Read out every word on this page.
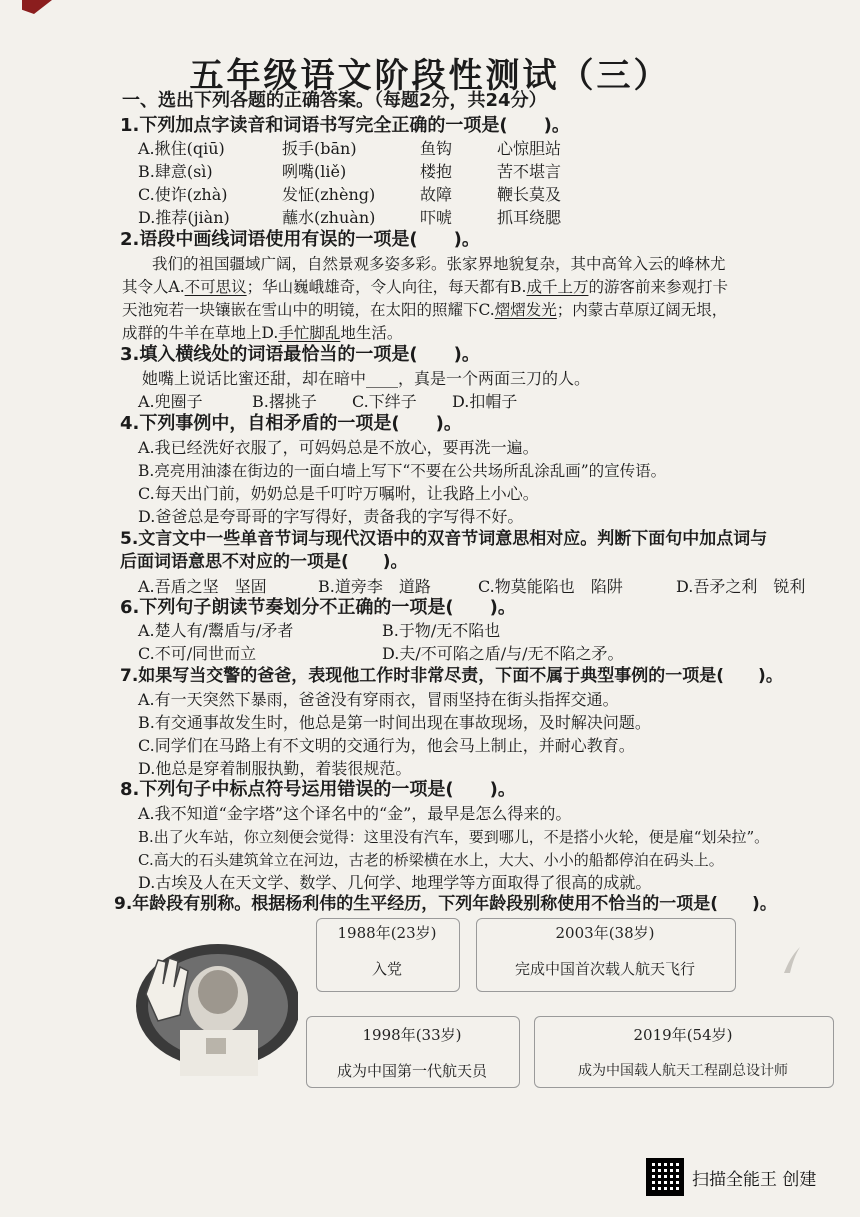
五年级语文阶段性测试（三）
一、选出下列各题的正确答案。（每题2分，共24分）
1.下列加点字读音和词语书写完全正确的一项是(　　)。
A.揪住(qiū)	扳手(bān)	鱼钩	心惊胆站
B.肆意(sì)	咧嘴(liě)	楼抱	苦不堪言
C.使诈(zhà)	发怔(zhèng)	故障	鞭长莫及
D.推荐(jiàn)	蘸水(zhuàn)	吓唬	抓耳绕腮
2.语段中画线词语使用有误的一项是(　　)。
我们的祖国疆域广阔，自然景观多姿多彩。张家界地貌复杂，其中高耸入云的峰林尤
其令人A.不可思议；华山巍峨雄奇，令人向往，每天都有B.成千上万的游客前来参观打卡
天池宛若一块镶嵌在雪山中的明镜，在太阳的照耀下C.熠熠发光；内蒙古草原辽阔无垠，
成群的牛羊在草地上D.手忙脚乱地生活。
3.填入横线处的词语最恰当的一项是(　　)。
她嘴上说话比蜜还甜，却在暗中____，真是一个两面三刀的人。
A.兜圈子	B.撂挑子 C.下绊子 D.扣帽子
4.下列事例中，自相矛盾的一项是(　　)。
A.我已经洗好衣服了，可妈妈总是不放心，要再洗一遍。
B.亮亮用油漆在街边的一面白墙上写下“不要在公共场所乱涂乱画”的宣传语。
C.每天出门前，奶奶总是千叮咛万嘱咐，让我路上小心。
D.爸爸总是夸哥哥的字写得好，责备我的字写得不好。
5.文言文中一些单音节词与现代汉语中的双音节词意思相对应。判断下面句中加点词与
后面词语意思不对应的一项是(　　)。
A.吾盾之坚　坚固	B.道旁李　道路	C.物莫能陷也　陷阱	D.吾矛之利　锐利
6.下列句子朗读节奏划分不正确的一项是(　　)。
A.楚人有/鬻盾与/矛者	B.于物/无不陷也
C.不可/同世而立	D.夫/不可陷之盾/与/无不陷之矛。
7.如果写当交警的爸爸，表现他工作时非常尽责，下面不属于典型事例的一项是(　　)。
A.有一天突然下暴雨，爸爸没有穿雨衣，冒雨坚持在街头指挥交通。
B.有交通事故发生时，他总是第一时间出现在事故现场，及时解决问题。
C.同学们在马路上有不文明的交通行为，他会马上制止，并耐心教育。
D.他总是穿着制服执勤，着装很规范。
8.下列句子中标点符号运用错误的一项是(　　)。
A.我不知道“金字塔”这个译名中的“金”，最早是怎么得来的。
B.出了火车站，你立刻便会觉得：这里没有汽车，要到哪儿，不是搭小火轮，便是雇“划朵拉”。
C.高大的石头建筑耸立在河边，古老的桥梁横在水上，大大、小小的船都停泊在码头上。
D.古埃及人在天文学、数学、几何学、地理学等方面取得了很高的成就。
9.年龄段有别称。根据杨利伟的生平经历，下列年龄段别称使用不恰当的一项是(　　)。
1988年(23岁)
入党
2003年(38岁)
完成中国首次载人航天飞行
1998年(33岁)
成为中国第一代航天员
2019年(54岁)
成为中国载人航天工程副总设计师
扫描全能王 创建
